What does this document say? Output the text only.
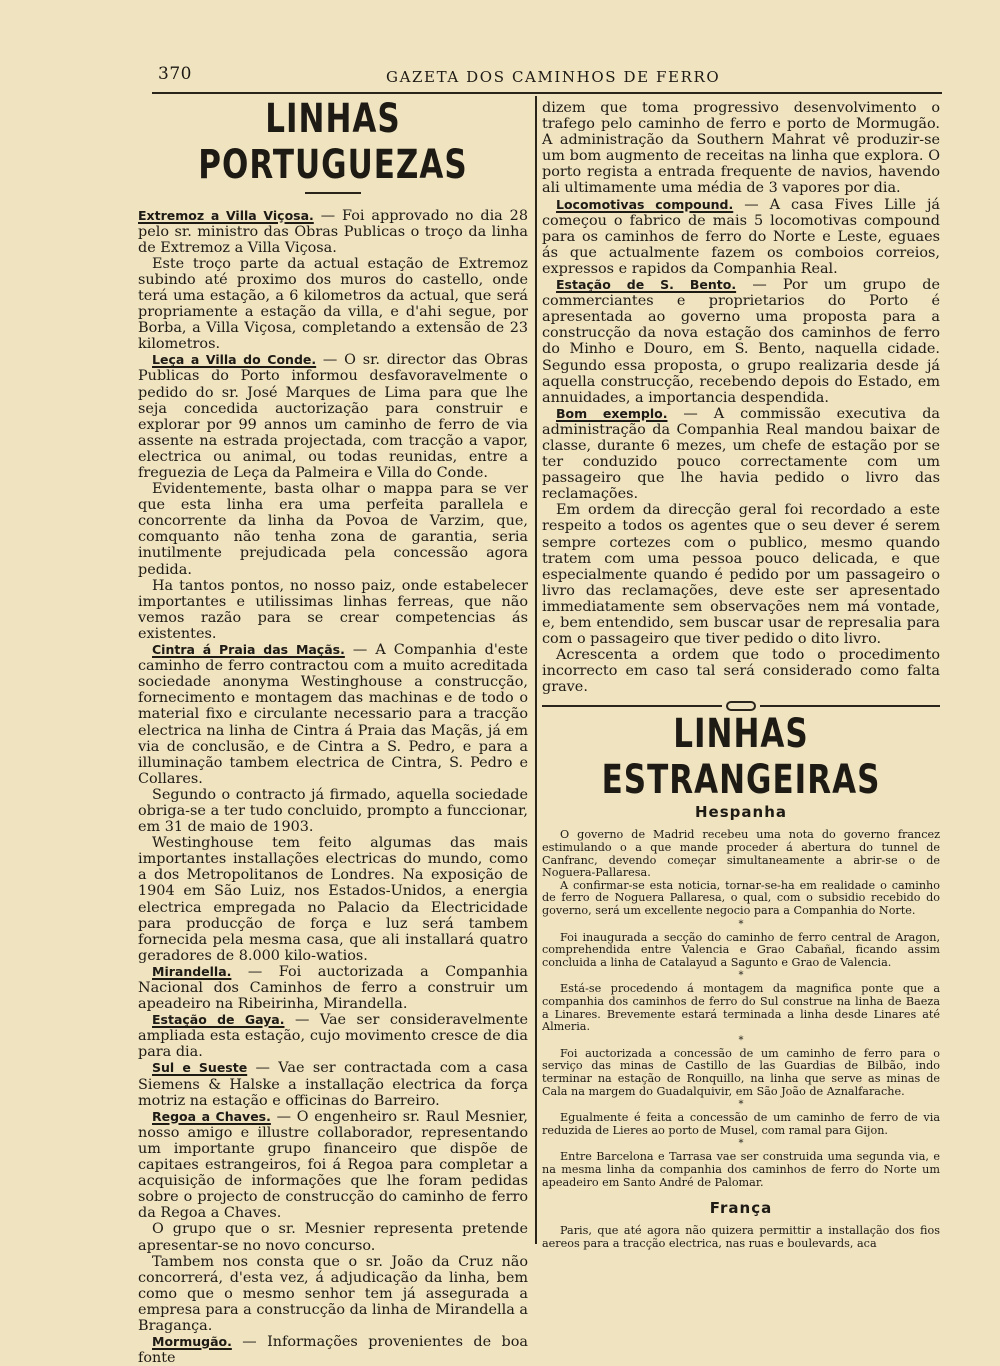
370	GAZETA DOS CAMINHOS DE FERRO
LINHAS PORTUGUEZAS

Extremoz a Villa Viçosa. — Foi approvado no dia 28 pelo sr. ministro das Obras Publicas o troço da linha de Extremoz a Villa Viçosa.

Este troço parte da actual estação de Extremoz subindo até proximo dos muros do castello, onde terá uma estação, a 6 kilometros da actual, que será propriamente a estação da villa, e d'ahi segue, por Borba, a Villa Viçosa, completando a extensão de 23 kilometros.

Leça a Villa do Conde. — O sr. director das Obras Publicas do Porto informou desfavoravelmente o pedido do sr. José Marques de Lima para que lhe seja concedida auctorização para construir e explorar por 99 annos um caminho de ferro de via assente na estrada projectada, com tracção a vapor, electrica ou animal, ou todas reunidas, entre a freguezia de Leça da Palmeira e Villa do Conde.

Evidentemente, basta olhar o mappa para se ver que esta linha era uma perfeita parallela e concorrente da linha da Povoa de Varzim, que, comquanto não tenha zona de garantia, seria inutilmente prejudicada pela concessão agora pedida.

Ha tantos pontos, no nosso paiz, onde estabelecer importantes e utilissimas linhas ferreas, que não vemos razão para se crear competencias ás existentes.

Cintra á Praia das Maçãs. — A Companhia d'este caminho de ferro contractou com a muito acreditada sociedade anonyma Westinghouse a construcção, fornecimento e montagem das machinas e de todo o material fixo e circulante necessario para a tracção electrica na linha de Cintra á Praia das Maçãs, já em via de conclusão, e de Cintra a S. Pedro, e para a illuminação tambem electrica de Cintra, S. Pedro e Collares.

Segundo o contracto já firmado, aquella sociedade obriga-se a ter tudo concluido, prompto a funccionar, em 31 de maio de 1903.

Westinghouse tem feito algumas das mais importantes installações electricas do mundo, como a dos Metropolitanos de Londres. Na exposição de 1904 em São Luiz, nos Estados-Unidos, a energia electrica empregada no Palacio da Electricidade para producção de força e luz será tambem fornecida pela mesma casa, que ali installará quatro geradores de 8.000 kilo-watios.

Mirandella. — Foi auctorizada a Companhia Nacional dos Caminhos de ferro a construir um apeadeiro na Ribeirinha, Mirandella.

Estação de Gaya. — Vae ser consideravelmente ampliada esta estação, cujo movimento cresce de dia para dia.

Sul e Sueste — Vae ser contractada com a casa Siemens & Halske a installação electrica da força motriz na estação e officinas do Barreiro.

Regoa a Chaves. — O engenheiro sr. Raul Mesnier, nosso amigo e illustre collaborador, representando um importante grupo financeiro que dispõe de capitaes estrangeiros, foi á Regoa para completar a acquisição de informações que lhe foram pedidas sobre o projecto de construcção do caminho de ferro da Regoa a Chaves.

O grupo que o sr. Mesnier representa pretende apresentar-se no novo concurso.

Tambem nos consta que o sr. João da Cruz não concorrerá, d'esta vez, á adjudicação da linha, bem como que o mesmo senhor tem já assegurada a empresa para a construcção da linha de Mirandella a Bragança.

Mormugão. — Informações provenientes de boa fonte

dizem que toma progressivo desenvolvimento o trafego pelo caminho de ferro e porto de Mormugão. A administração da Southern Mahrat vê produzir-se um bom augmento de receitas na linha que explora. O porto regista a entrada frequente de navios, havendo ali ultimamente uma média de 3 vapores por dia.

Locomotivas compound. — A casa Fives Lille já começou o fabrico de mais 5 locomotivas compound para os caminhos de ferro do Norte e Leste, eguaes ás que actualmente fazem os comboios correios, expressos e rapidos da Companhia Real.

Estação de S. Bento. — Por um grupo de commerciantes e proprietarios do Porto é apresentada ao governo uma proposta para a construcção da nova estação dos caminhos de ferro do Minho e Douro, em S. Bento, naquella cidade. Segundo essa proposta, o grupo realizaria desde já aquella construcção, recebendo depois do Estado, em annuidades, a importancia despendida.

Bom exemplo. — A commissão executiva da administração da Companhia Real mandou baixar de classe, durante 6 mezes, um chefe de estação por se ter conduzido pouco correctamente com um passageiro que lhe havia pedido o livro das reclamações.

Em ordem da direcção geral foi recordado a este respeito a todos os agentes que o seu dever é serem sempre cortezes com o publico, mesmo quando tratem com uma pessoa pouco delicada, e que especialmente quando é pedido por um passageiro o livro das reclamações, deve este ser apresentado immediatamente sem observações nem má vontade, e, bem entendido, sem buscar usar de represalia para com o passageiro que tiver pedido o dito livro.

Acrescenta a ordem que todo o procedimento incorrecto em caso tal será considerado como falta grave.

LINHAS ESTRANGEIRAS
Hespanha

O governo de Madrid recebeu uma nota do governo francez estimulando o a que mande proceder á abertura do tunnel de Canfranc, devendo começar simultaneamente a abrir-se o de Noguera-Pallaresa.

A confirmar-se esta noticia, tornar-se-ha em realidade o caminho de ferro de Noguera Pallaresa, o qual, com o subsidio recebido do governo, será um excellente negocio para a Companhia do Norte.

*

Foi inaugurada a secção do caminho de ferro central de Aragon, comprehendida entre Valencia e Grao Cabañal, ficando assim concluida a linha de Catalayud a Sagunto e Grao de Valencia.

*

Está-se procedendo á montagem da magnifica ponte que a companhia dos caminhos de ferro do Sul construe na linha de Baeza a Linares. Brevemente estará terminada a linha desde Linares até Almeria.

*

Foi auctorizada a concessão de um caminho de ferro para o serviço das minas de Castillo de las Guardias de Bilbão, indo terminar na estação de Ronquillo, na linha que serve as minas de Cala na margem do Guadalquivir, em São João de Aznalfarache.

*

Egualmente é feita a concessão de um caminho de ferro de via reduzida de Lieres ao porto de Musel, com ramal para Gijon.

*

Entre Barcelona e Tarrasa vae ser construida uma segunda via, e na mesma linha da companhia dos caminhos de ferro do Norte um apeadeiro em Santo André de Palomar.

França

Paris, que até agora não quizera permittir a installação dos fios aereos para a tracção electrica, nas ruas e boulevards, aca
